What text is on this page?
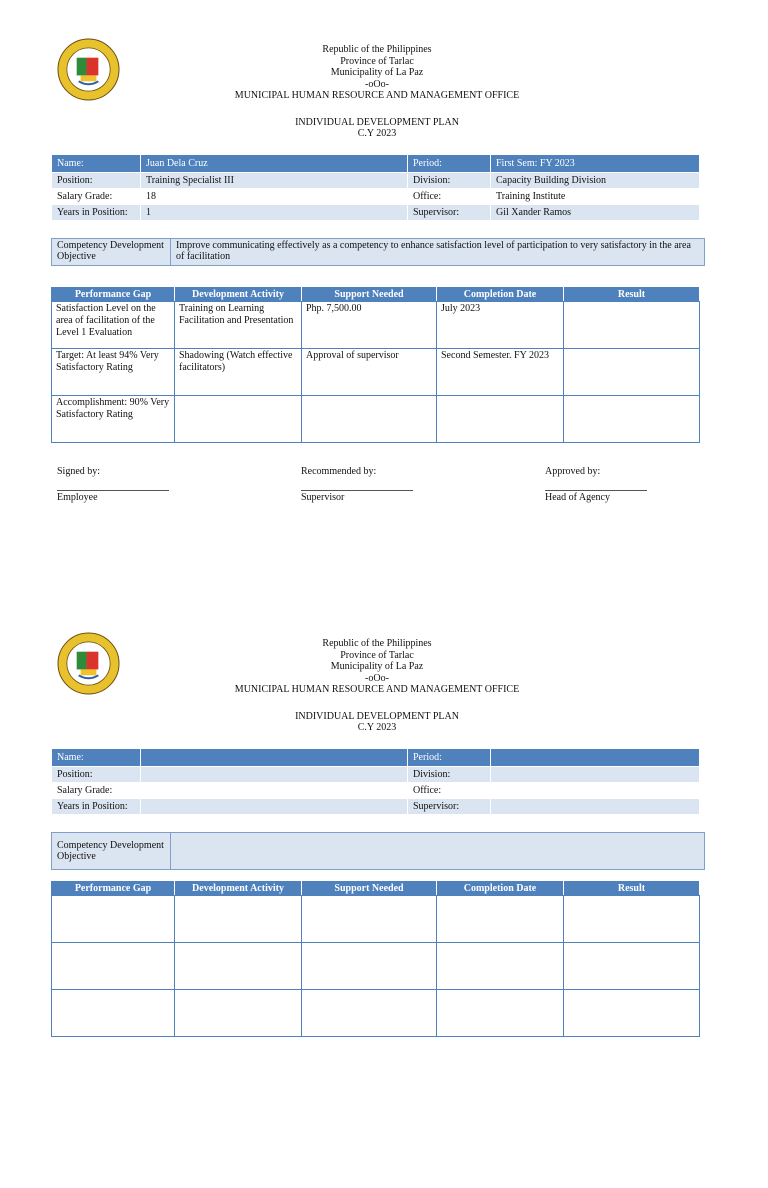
Republic of the Philippines
Province of Tarlac
Municipality of La Paz
-oOo-
MUNICIPAL HUMAN RESOURCE AND MANAGEMENT OFFICE
INDIVIDUAL DEVELOPMENT PLAN
C.Y 2023
Name:	Juan Dela Cruz	Period:	First Sem: FY 2023
Position:	Training Specialist III	Division:	Capacity Building Division
Salary Grade:	18	Office:	Training Institute
Years in Position:	1	Supervisor:	Gil Xander Ramos
Competency Development Objective	Improve communicating effectively as a competency to enhance satisfaction level of participation to very satisfactory in the area of facilitation
Performance Gap	Development Activity	Support Needed	Completion Date	Result
Satisfaction Level on the area of facilitation of the Level 1 Evaluation	Training on Learning Facilitation and Presentation	Php. 7,500.00	July 2023	
Target: At least 94% Very Satisfactory Rating	Shadowing (Watch effective facilitators)	Approval of supervisor	Second Semester. FY 2023	
Accomplishment: 90% Very Satisfactory Rating				
Signed by:
Employee
Recommended by:
Supervisor
Approved by:
Head of Agency
Republic of the Philippines
Province of Tarlac
Municipality of La Paz
-oOo-
MUNICIPAL HUMAN RESOURCE AND MANAGEMENT OFFICE
INDIVIDUAL DEVELOPMENT PLAN
C.Y 2023
Name:		Period:	
Position:		Division:	
Salary Grade:		Office:	
Years in Position:		Supervisor:	
Competency Development Objective	
Performance Gap	Development Activity	Support Needed	Completion Date	Result
